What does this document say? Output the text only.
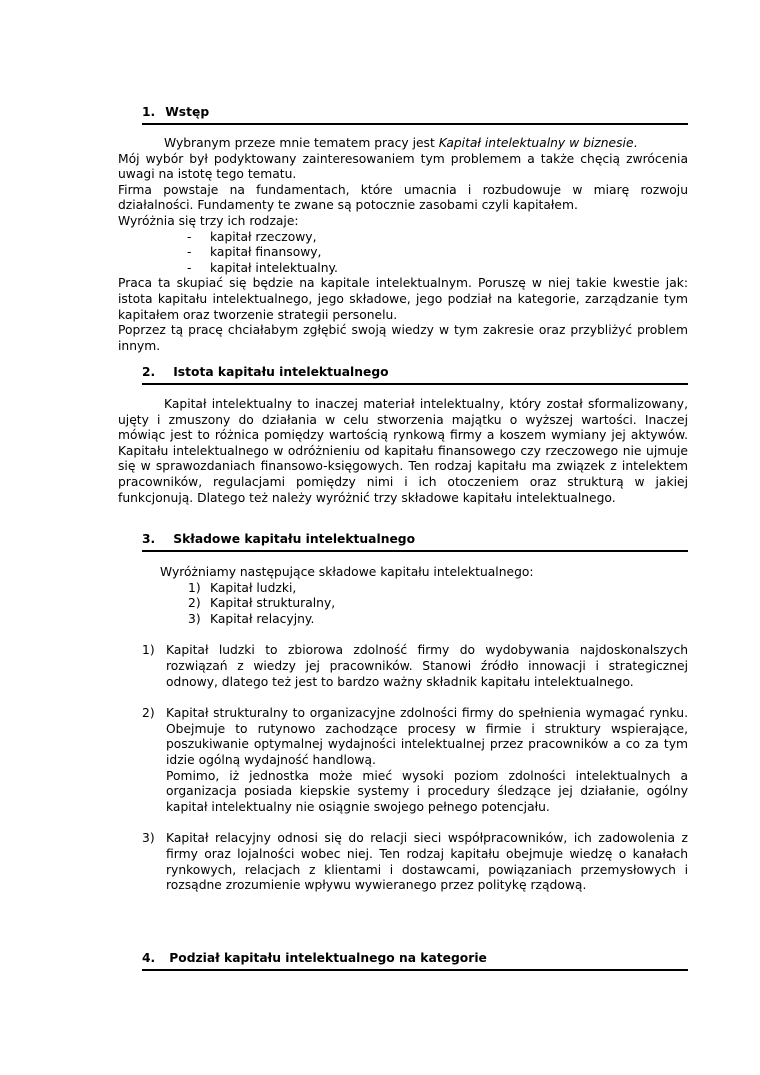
1. Wstęp

Wybranym przeze mnie tematem pracy jest Kapitał intelektualny w biznesie.

Mój wybór był podyktowany zainteresowaniem tym problemem a także chęcią zwrócenia uwagi na istotę tego tematu.

Firma powstaje na fundamentach, które umacnia i rozbudowuje w miarę rozwoju działalności. Fundamenty te zwane są potocznie zasobami czyli kapitałem.

Wyróżnia się trzy ich rodzaje:

- kapitał rzeczowy,
- kapitał finansowy,
- kapitał intelektualny.

Praca ta skupiać się będzie na kapitale intelektualnym. Poruszę w niej takie kwestie jak: istota kapitału intelektualnego, jego składowe, jego podział na kategorie, zarządzanie tym kapitałem oraz tworzenie strategii personelu.

Poprzez tą pracę chciałabym zgłębić swoją wiedzy w tym zakresie oraz przybliżyć problem innym.

2. Istota kapitału intelektualnego

Kapitał intelektualny to inaczej materiał intelektualny, który został sformalizowany, ujęty i zmuszony do działania w celu stworzenia majątku o wyższej wartości. Inaczej mówiąc jest to różnica pomiędzy wartością rynkową firmy a koszem wymiany jej aktywów. Kapitału intelektualnego w odróżnieniu od kapitału finansowego czy rzeczowego nie ujmuje się w sprawozdaniach finansowo-księgowych. Ten rodzaj kapitału ma związek z intelektem pracowników, regulacjami pomiędzy nimi i ich otoczeniem oraz strukturą w jakiej funkcjonują. Dlatego też należy wyróżnić trzy składowe kapitału intelektualnego.

3. Składowe kapitału intelektualnego

Wyróżniamy następujące składowe kapitału intelektualnego:

1) Kapitał ludzki,
2) Kapitał strukturalny,
3) Kapitał relacyjny.
1) Kapitał ludzki to zbiorowa zdolność firmy do wydobywania najdoskonalszych rozwiązań z wiedzy jej pracowników. Stanowi źródło innowacji i strategicznej odnowy, dlatego też jest to bardzo ważny składnik kapitału intelektualnego.

2) Kapitał strukturalny to organizacyjne zdolności firmy do spełnienia wymagać rynku. Obejmuje to rutynowo zachodzące procesy w firmie i struktury wspierające, poszukiwanie optymalnej wydajności intelektualnej przez pracowników a co za tym idzie ogólną wydajność handlową.

Pomimo, iż jednostka może mieć wysoki poziom zdolności intelektualnych a organizacja posiada kiepskie systemy i procedury śledzące jej działanie, ogólny kapitał intelektualny nie osiągnie swojego pełnego potencjału.

3) Kapitał relacyjny odnosi się do relacji sieci współpracowników, ich zadowolenia z firmy oraz lojalności wobec niej. Ten rodzaj kapitału obejmuje wiedzę o kanałach rynkowych, relacjach z klientami i dostawcami, powiązaniach przemysłowych i rozsądne zrozumienie wpływu wywieranego przez politykę rządową.

4. Podział kapitału intelektualnego na kategorie
